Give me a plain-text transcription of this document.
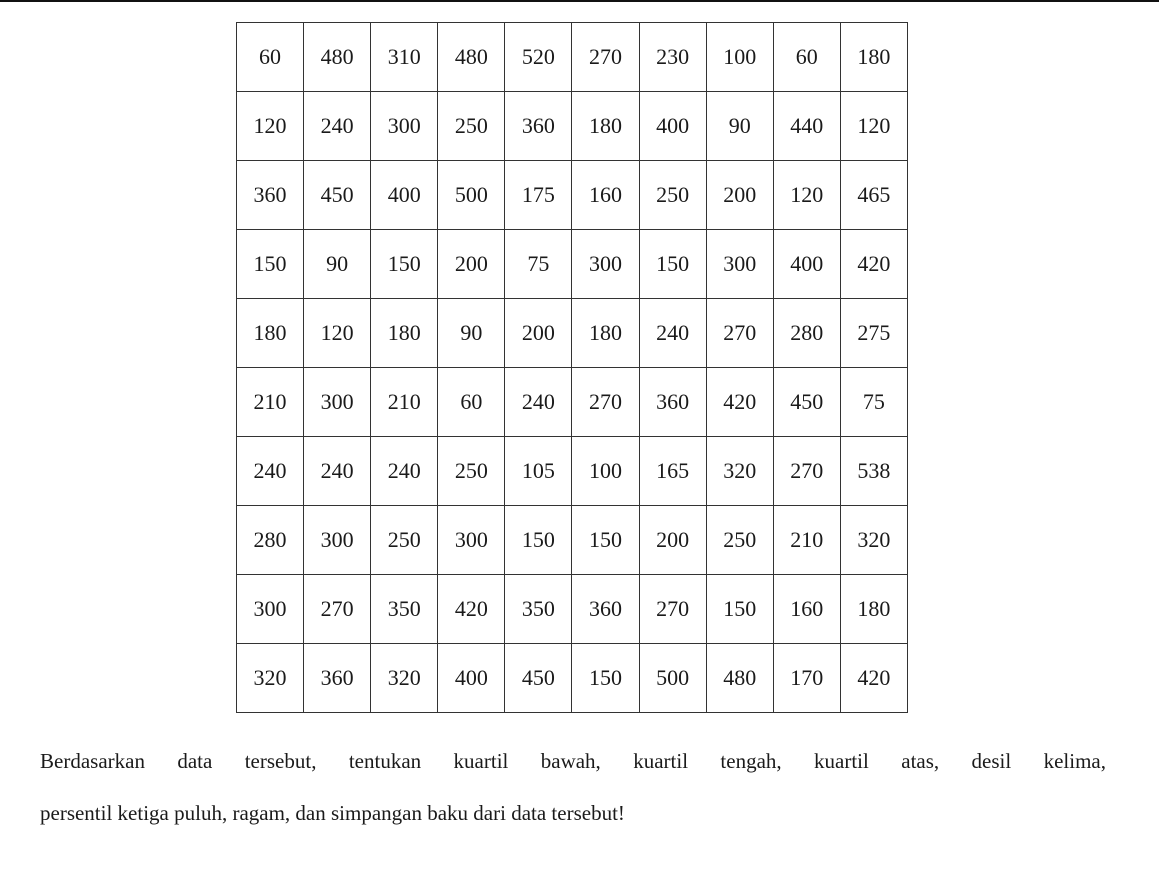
60	480	310	480	520	270	230	100	60	180
120	240	300	250	360	180	400	90	440	120
360	450	400	500	175	160	250	200	120	465
150	90	150	200	75	300	150	300	400	420
180	120	180	90	200	180	240	270	280	275
210	300	210	60	240	270	360	420	450	75
240	240	240	250	105	100	165	320	270	538
280	300	250	300	150	150	200	250	210	320
300	270	350	420	350	360	270	150	160	180
320	360	320	400	450	150	500	480	170	420

Berdasarkan data tersebut, tentukan kuartil bawah, kuartil tengah, kuartil atas, desil kelima,
persentil ketiga puluh, ragam, dan simpangan baku dari data tersebut!
